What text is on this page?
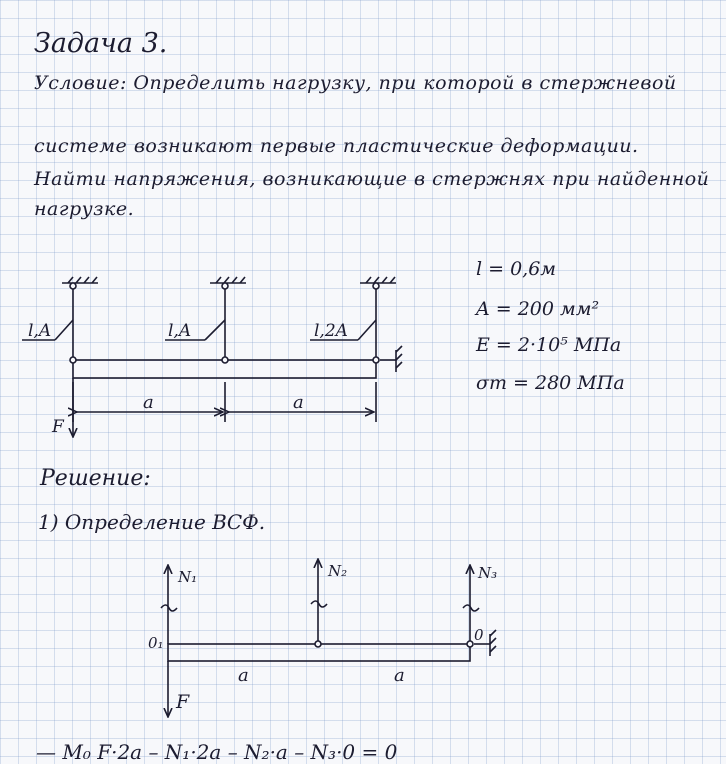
Задача 3.
Условие: Определить нагрузку, при которой в стержневой
системе возникают первые пластические деформации.
Найти напряжения, возникающие в стержнях при найденной
нагрузке.
l = 0,6м
A = 200 мм²
E = 2·10⁵ МПа
σт = 280 МПа
Решение:
1) Определение ВСФ.
— M₀ F·2a – N₁·2a – N₂·a – N₃·0 = 0
l,A	l,A	l,2A
a	a
F
N₁	N₂	N₃
0₁	0
a	a
F
